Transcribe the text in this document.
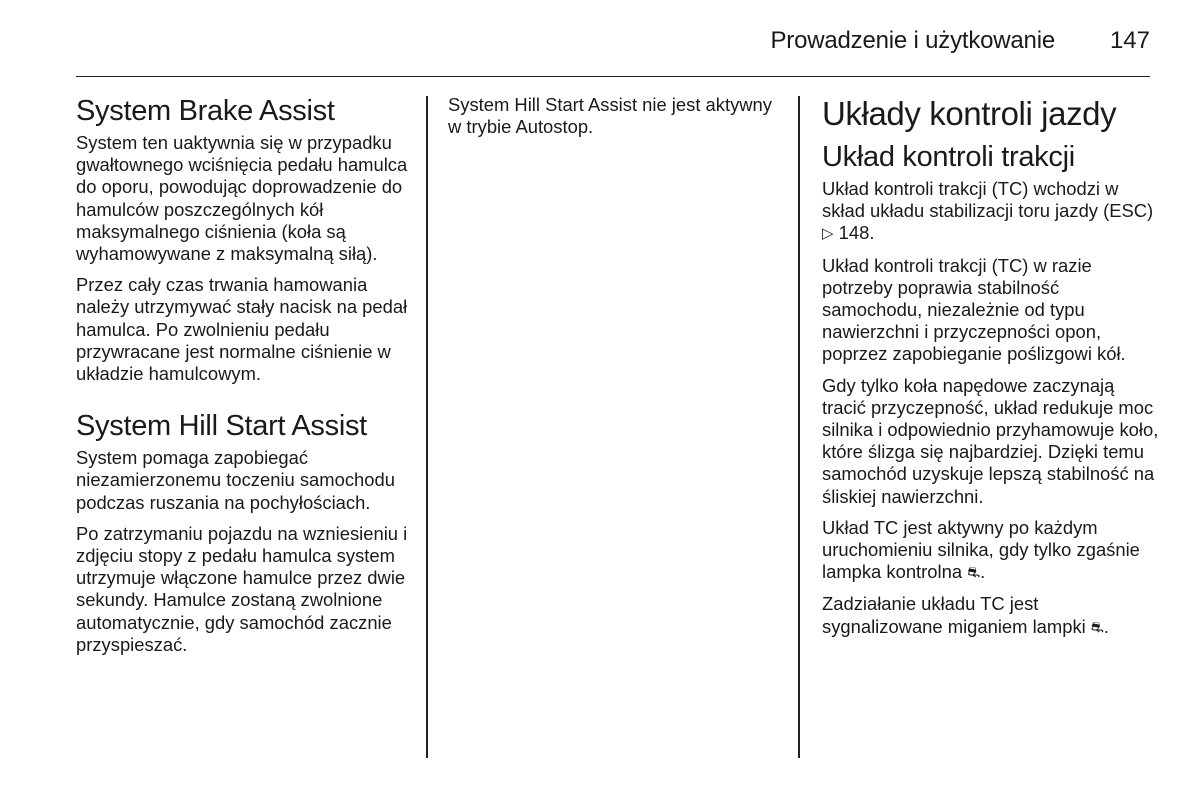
Prowadzenie i użytkowanie 147
System Brake Assist

System ten uaktywnia się w przypadku gwałtownego wciśnięcia pedału hamulca do oporu, powodując doprowadzenie do hamulców poszczególnych kół maksymalnego ciśnienia (koła są wyhamowywane z maksymalną siłą).

Przez cały czas trwania hamowania należy utrzymywać stały nacisk na pedał hamulca. Po zwolnieniu pedału przywracane jest normalne ciśnienie w układzie hamulcowym.

System Hill Start Assist

System pomaga zapobiegać niezamierzonemu toczeniu samochodu podczas ruszania na pochyłościach.

Po zatrzymaniu pojazdu na wzniesieniu i zdjęciu stopy z pedału hamulca system utrzymuje włączone hamulce przez dwie sekundy. Hamulce zostaną zwolnione automatycznie, gdy samochód zacznie przyspieszać.

System Hill Start Assist nie jest aktywny w trybie Autostop.	Układy kontroli jazdy
Układ kontroli trakcji

Układ kontroli trakcji (TC) wchodzi w skład układu stabilizacji toru jazdy (ESC) ▷ 148.

Układ kontroli trakcji (TC) w razie potrzeby poprawia stabilność samochodu, niezależnie od typu nawierzchni i przyczepności opon, poprzez zapobieganie poślizgowi kół.

Gdy tylko koła napędowe zaczynają tracić przyczepność, układ redukuje moc silnika i odpowiednio przyhamowuje koło, które ślizga się najbardziej. Dzięki temu samochód uzyskuje lepszą stabilność na śliskiej nawierzchni.

Układ TC jest aktywny po każdym uruchomieniu silnika, gdy tylko zgaśnie lampka kontrolna ⛐.

Zadziałanie układu TC jest sygnalizowane miganiem lampki ⛐.
